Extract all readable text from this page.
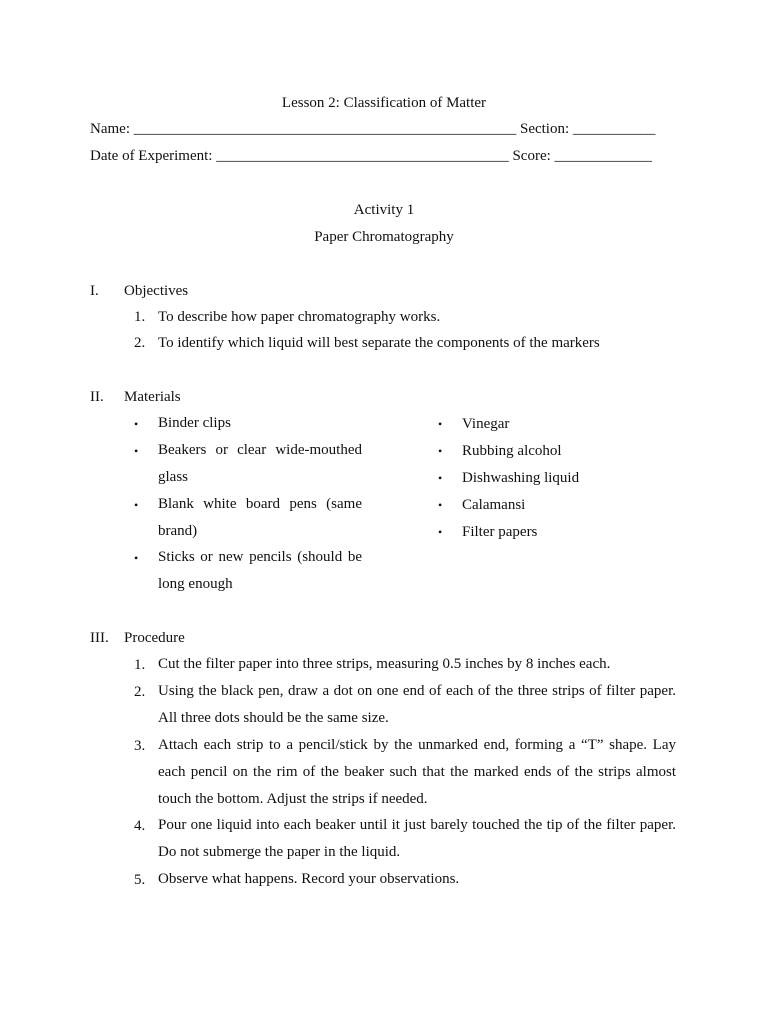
Lesson 2: Classification of Matter
Name: ___________________________________________________ Section: ___________
Date of Experiment: _______________________________________ Score: _____________
Activity 1
Paper Chromatography
I.	Objectives
1. To describe how paper chromatography works.
2. To identify which liquid will best separate the components of the markers
II.	Materials
•	Binder clips
•	Beakers or clear wide-mouthed glass
•	Blank white board pens (same brand)
•	Sticks or new pencils (should be long enough
•	Vinegar
•	Rubbing alcohol
•	Dishwashing liquid
•	Calamansi
•	Filter papers
III.	Procedure
1. Cut the filter paper into three strips, measuring 0.5 inches by 8 inches each.
2. Using the black pen, draw a dot on one end of each of the three strips of filter paper. All three dots should be the same size.
3. Attach each strip to a pencil/stick by the unmarked end, forming a “T” shape. Lay each pencil on the rim of the beaker such that the marked ends of the strips almost touch the bottom. Adjust the strips if needed.
4. Pour one liquid into each beaker until it just barely touched the tip of the filter paper. Do not submerge the paper in the liquid.
5. Observe what happens. Record your observations.
